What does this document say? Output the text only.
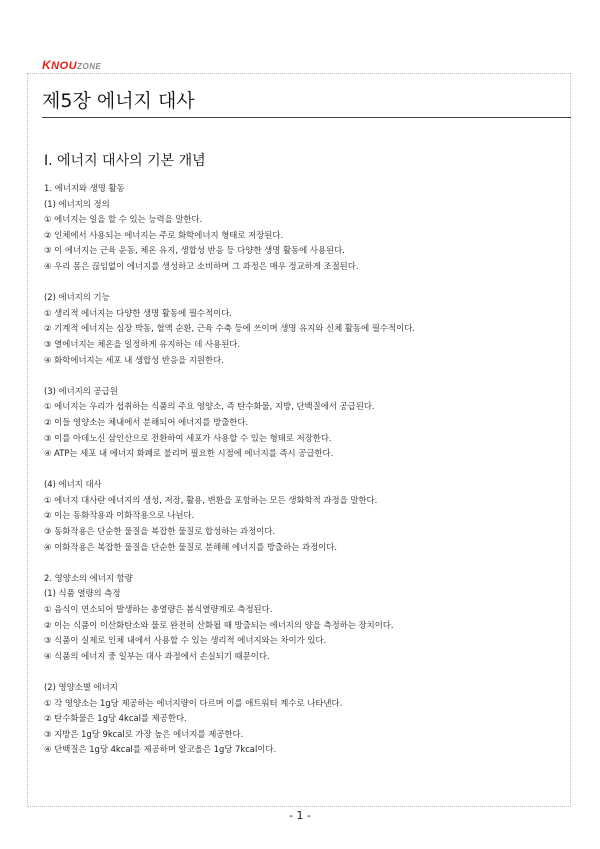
KNOUZONE
제5장 에너지 대사
Ⅰ. 에너지 대사의 기본 개념
1. 에너지와 생명 활동
(1) 에너지의 정의
① 에너지는 일을 할 수 있는 능력을 말한다.
② 인체에서 사용되는 에너지는 주로 화학에너지 형태로 저장된다.
③ 이 에너지는 근육 운동, 체온 유지, 생합성 반응 등 다양한 생명 활동에 사용된다.
④ 우리 몸은 끊임없이 에너지를 생성하고 소비하며 그 과정은 매우 정교하게 조절된다.
(2) 에너지의 기능
① 생리적 에너지는 다양한 생명 활동에 필수적이다.
② 기계적 에너지는 심장 박동, 혈액 순환, 근육 수축 등에 쓰이며 생명 유지와 신체 활동에 필수적이다.
③ 열에너지는 체온을 일정하게 유지하는 데 사용된다.
④ 화학에너지는 세포 내 생합성 반응을 지원한다.
(3) 에너지의 공급원
① 에너지는 우리가 섭취하는 식품의 주요 영양소, 즉 탄수화물, 지방, 단백질에서 공급된다.
② 이들 영양소는 체내에서 분해되어 에너지를 방출한다.
③ 이를 아데노신 삼인산으로 전환하여 세포가 사용할 수 있는 형태로 저장한다.
④ ATP는 세포 내 에너지 화폐로 불리며 필요한 시점에 에너지를 즉시 공급한다.
(4) 에너지 대사
① 에너지 대사란 에너지의 생성, 저장, 활용, 변환을 포함하는 모든 생화학적 과정을 말한다.
② 이는 동화작용과 이화작용으로 나뉜다.
③ 동화작용은 단순한 물질을 복잡한 물질로 합성하는 과정이다.
④ 이화작용은 복잡한 물질을 단순한 물질로 분해해 에너지를 방출하는 과정이다.
2. 영양소의 에너지 함량
(1) 식품 열량의 측정
① 음식이 연소되어 발생하는 총열량은 봄식열량계로 측정된다.
② 이는 식품이 이산화탄소와 물로 완전히 산화될 때 방출되는 에너지의 양을 측정하는 장치이다.
③ 식품이 실제로 인체 내에서 사용할 수 있는 생리적 에너지와는 차이가 있다.
④ 식품의 에너지 중 일부는 대사 과정에서 손실되기 때문이다.
(2) 영양소별 에너지
① 각 영양소는 1g당 제공하는 에너지량이 다르며 이를 애트워터 계수로 나타낸다.
② 탄수화물은 1g당 4kcal를 제공한다.
③ 지방은 1g당 9kcal로 가장 높은 에너지를 제공한다.
④ 단백질은 1g당 4kcal를 제공하며 알코올은 1g당 7kcal이다.
- 1 -
